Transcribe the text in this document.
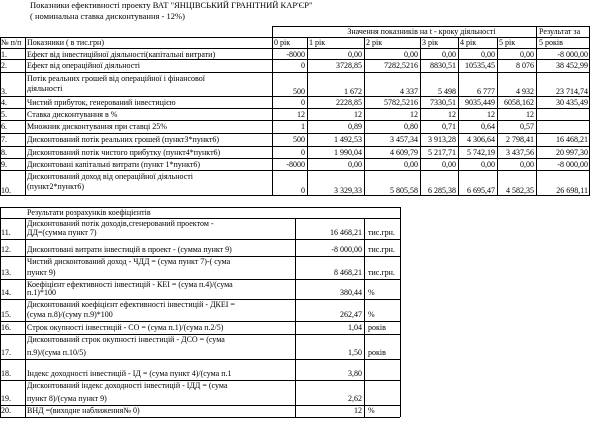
Показники ефективності проекту ВАТ "ЯНЦІВСЬКИЙ ГРАНІТНИЙ КАР'ЄР"
( номинальна ставка дисконтування - 12%)
Значення показників на t - кроку діяльності	Результат за
№ п/п Показники ( в тис.грн)	0 рік	1 рік	2 рік	3 рік	4 рік	5 рік	5 років
1.	Ефект від інвестиційної діяльності(капітальні витрати)	-8000	0,00	0,00	0,00	0,00	0,00	-8 000,00
2.	Ефект від операційної діяльності	0	3728,85	7282,5216	8830,51	10535,45	8 076	38 452,99
3.
Потік реальних грошей від операційної і фінансової
діяльності	500	1 672	4 337	5 498	6 777	4 932	23 714,74
4.	Чистий прибуток, генерований інвестицією	0	2228,85	5782,5216	7330,51	9035,449	6058,162	30 435,49
5.	Ставка дисконтування в %	12	12	12	12	12	12
6.	Множник дисконтування при ставці 25%	1	0,89	0,80	0,71	0,64	0,57
7.	Дисконтований потік реальних грошей (пункт3*пункт6)	500	1 492,53	3 457,34	3 913,28	4 306,64	2 798,41	16 468,21
8.	Дисконтований потік чистого прибутку (пункт4*пункт6)	0	1 990,04	4 609,79	5 217,71	5 742,19	3 437,56	20 997,30
9.	Дисконтовані капітальні витрати (пункт 1*пункт6)	-8000	0,00	0,00	0,00	0,00	0,00	-8 000,00
10.
Дисконтований доход від операційної діяльності
(пункт2*пункт6)	0	3 329,33	5 805,58	6 285,38	6 695,47	4 582,35	26 698,11
Результати розрахунків коефіцієнтів
11.
Дисконтований потік доходів,сгенерований проектом -
ДД=(сумма пункт 7)	16 468,21 тис.грн.
12.	Дисконтовані витрати інвестицій в проект - (сумма пункт 9)	-8 000,00 тис.грн.
13.
Чистий дисконтований доход - ЧДД = (сума пункт 7)-( сума
пункт 9)	8 468,21 тис.грн.
14.
Коефіцієнт ефективності інвестицій - КЕІ = (сума п.4)/(сума
п.1)*100	380,44 %
15.
Дисконтований коефіцієнт ефективності інвестицій - ДКЕІ =
(сума п.8)/(суму п.9)*100	262,47 %
16.	Строк окупності інвестицій - СО = (сума п.1)/(сума п.2/5)	1,04 років
17.
Дисконтований строк окупності інвестицій - ДСО = (сума
п.9)/(сума п.10/5)	1,50 років
18.	Індекс доходності інвестицій - ІД = (сума пункт 4)/(сума п.1	3,80
19.
Дисконтований індекс доходності інвестицій - ІДД = (сума
пункт 8)/(сума пункт 9)	2,62
20.	ВНД =(виходне наближення№ 0)	12 %
